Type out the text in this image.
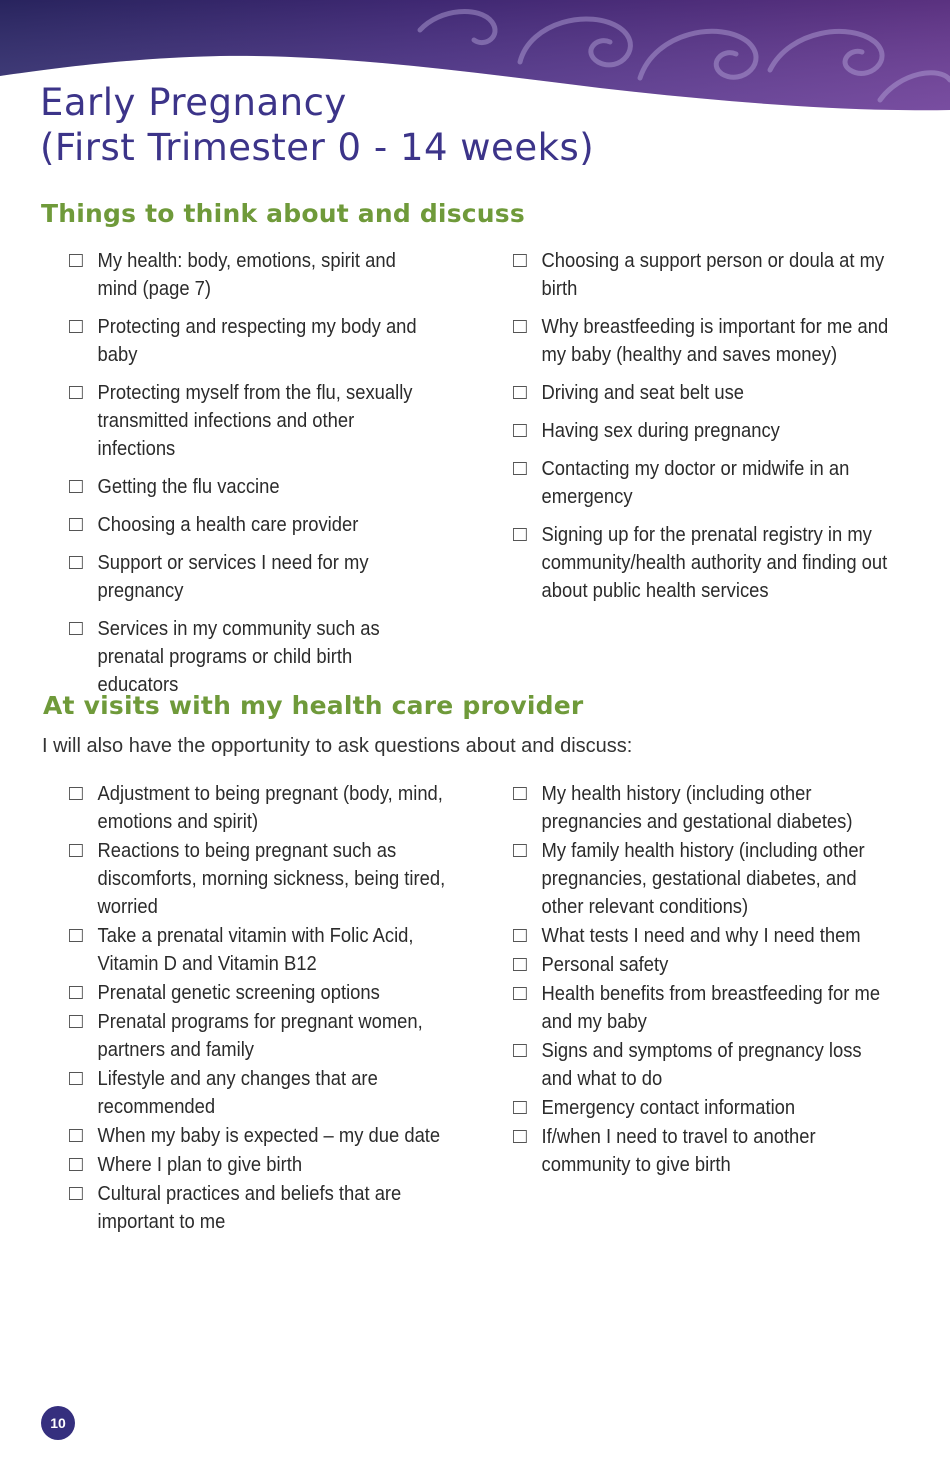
Early Pregnancy
(First Trimester 0 - 14 weeks)
Things to think about and discuss
My health: body, emotions, spirit and mind (page 7)
Protecting and respecting my body and baby
Protecting myself from the flu, sexually transmitted infections and other infections
Getting the flu vaccine
Choosing a health care provider
Support or services I need for my pregnancy
Services in my community such as prenatal programs or child birth educators
Choosing a support person or doula at my birth
Why breastfeeding is important for me and my baby (healthy and saves money)
Driving and seat belt use
Having sex during pregnancy
Contacting my doctor or midwife in an emergency
Signing up for the prenatal registry in my community/health authority and finding out about public health services
At visits with my health care provider

I will also have the opportunity to ask questions about and discuss:

Adjustment to being pregnant (body, mind, emotions and spirit)
Reactions to being pregnant such as discomforts, morning sickness, being tired, worried
Take a prenatal vitamin with Folic Acid, Vitamin D and Vitamin B12
Prenatal genetic screening options
Prenatal programs for pregnant women, partners and family
Lifestyle and any changes that are recommended
When my baby is expected – my due date
Where I plan to give birth
Cultural practices and beliefs that are important to me
My health history (including other pregnancies and gestational diabetes)
My family health history (including other pregnancies, gestational diabetes, and other relevant conditions)
What tests I need and why I need them
Personal safety
Health benefits from breastfeeding for me and my baby
Signs and symptoms of pregnancy loss and what to do
Emergency contact information
If/when I need to travel to another community to give birth
10
